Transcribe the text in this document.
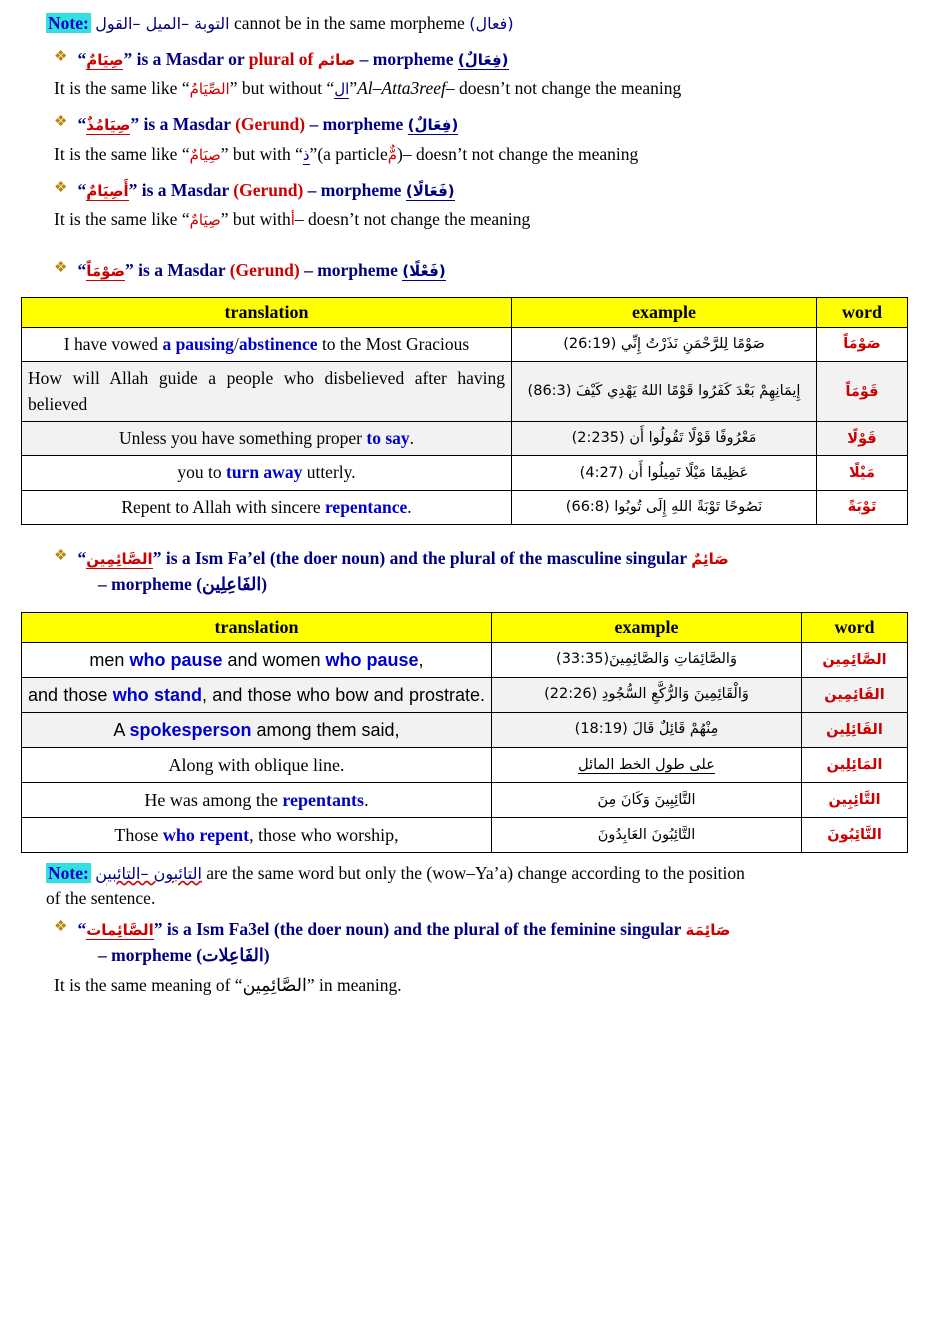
Note: التوبة –الميل –القول cannot be in the same morpheme (فعال)
❖ “صِيَامٌ” is a Masdar or plural of صائم – morpheme (فِعَالٌ)
It is the same like “الصِّيَامُ” but without “ال”Al–Atta3reef– doesn’t not change the meaning
❖ “صِيَامُذٌ” is a Masdar (Gerund) – morpheme (فِعَالٌ)
It is the same like “صِيَامٌ” but with “ذ”(a particleمٌّ)– doesn’t not change the meaning
❖ “أَصِيَامٌ” is a Masdar (Gerund) – morpheme (فَعَالًا)
It is the same like “صِيَامٌ” but withأ– doesn’t not change the meaning
❖ “صَوْمَاً” is a Masdar (Gerund) – morpheme (فَعْلًا)
translation	example	word
I have vowed a pausing/abstinence to the Most Gracious	صَوْمًا لِلرَّحْمَنِ نَذَرْتُ إِنِّي (26:19)	صَوْمَاً
How will Allah guide a people who disbelieved after having believed	إِيمَانِهِمْ بَعْدَ كَفَرُوا قَوْمًا اللهُ يَهْدِي كَيْفَ (86:3)	قَوْمَاً
Unless you have something proper to say.	مَعْرُوفًا قَوْلًا تَقُولُوا أَن (2:235)	قَوْلًا
you to turn away utterly.	عَظِيمًا مَيْلًا تَمِيلُوا أَن (4:27)	مَيْلًا
Repent to Allah with sincere repentance.	نَصُوحًا تَوْبَةً اللهِ إِلَى تُوبُوا (66:8)	تَوْبَةً
❖ “الصَّائِمِين” is a Ism Fa’el (the doer noun) and the plural of the masculine singular صَائِمٌ
– morpheme (الفَاعِلِين)
translation	example	word
men who pause and women who pause,	وَالصَّائِمَاتِ وَالصَّائِمِينَ(33:35)	الصَّائِمِين
and those who stand, and those who bow and prostrate.	وَالْقَائِمِينَ وَالرُّكَّعِ السُّجُودِ (22:26)	القَائِمِين
A spokesperson among them said,	مِنْهُمْ قَائِلٌ قَالَ (18:19)	القَائِلِين
Along with oblique line.	على طول الخط المائل	المَائِلِين
He was among the repentants.	التَّائِبِينَ وَكَانَ مِنَ	التَّائِبِين
Those who repent, those who worship,	التَّائِبُونَ العَابِدُونَ	التَّائِبُونَ
Note: التائبون –التائبين are the same word but only the (wow–Ya’a) change according to the position
of the sentence.
❖ “الصَّائِمات” is a Ism Fa3el (the doer noun) and the plural of the feminine singular صَائِمَة
– morpheme (الفَاعِلات)
It is the same meaning of “الصَّائِمِين” in meaning.
